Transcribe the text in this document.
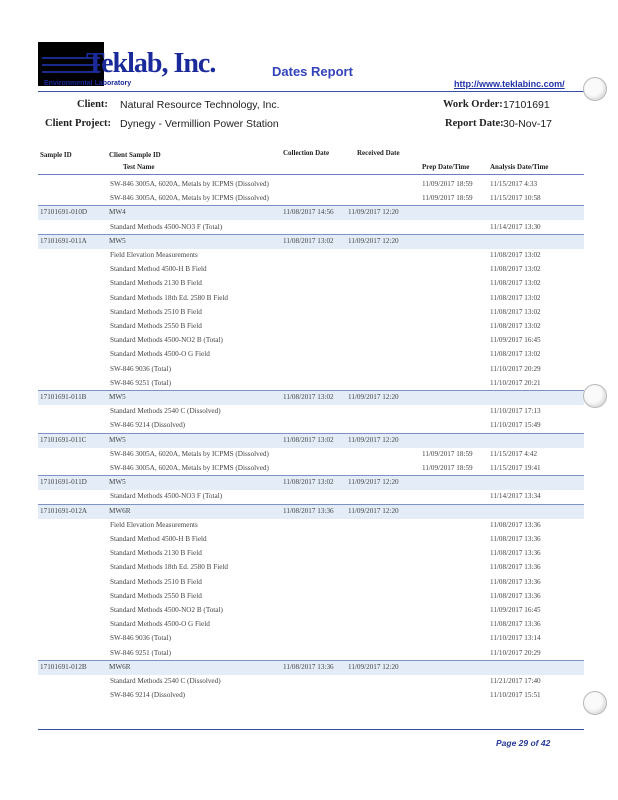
Teklab, Inc.
Environmental Laboratory
Dates Report
http://www.teklabinc.com/
Client: Natural Resource Technology, Inc.
Client Project: Dynegy - Vermillion Power Station
Work Order: 17101691
Report Date: 30-Nov-17
Sample ID	Client Sample ID	Collection Date	Received Date
Test Name	Prep Date/Time	Analysis Date/Time
SW-846 3005A, 6020A, Metals by ICPMS (Dissolved)	11/09/2017 18:59 11/15/2017 4:33
SW-846 3005A, 6020A, Metals by ICPMS (Dissolved)	11/09/2017 18:59 11/15/2017 10:58
17101691-010D	MW4	11/08/2017 14:56 11/09/2017 12:20
Standard Methods 4500-NO3 F (Total)	11/14/2017 13:30
17101691-011A	MW5	11/08/2017 13:02 11/09/2017 12:20
Field Elevation Measurements	11/08/2017 13:02
Standard Method 4500-H B Field	11/08/2017 13:02
Standard Methods 2130 B Field	11/08/2017 13:02
Standard Methods 18th Ed. 2580 B Field	11/08/2017 13:02
Standard Methods 2510 B Field	11/08/2017 13:02
Standard Methods 2550 B Field	11/08/2017 13:02
Standard Methods 4500-NO2 B (Total)	11/09/2017 16:45
Standard Methods 4500-O G Field	11/08/2017 13:02
SW-846 9036 (Total)	11/10/2017 20:29
SW-846 9251 (Total)	11/10/2017 20:21
17101691-011B	MW5	11/08/2017 13:02 11/09/2017 12:20
Standard Methods 2540 C (Dissolved)	11/10/2017 17:13
SW-846 9214 (Dissolved)	11/10/2017 15:49
17101691-011C	MW5	11/08/2017 13:02 11/09/2017 12:20
SW-846 3005A, 6020A, Metals by ICPMS (Dissolved)	11/09/2017 18:59 11/15/2017 4:42
SW-846 3005A, 6020A, Metals by ICPMS (Dissolved)	11/09/2017 18:59 11/15/2017 19:41
17101691-011D	MW5	11/08/2017 13:02 11/09/2017 12:20
Standard Methods 4500-NO3 F (Total)	11/14/2017 13:34
17101691-012A	MW6R	11/08/2017 13:36 11/09/2017 12:20
Field Elevation Measurements	11/08/2017 13:36
Standard Method 4500-H B Field	11/08/2017 13:36
Standard Methods 2130 B Field	11/08/2017 13:36
Standard Methods 18th Ed. 2580 B Field	11/08/2017 13:36
Standard Methods 2510 B Field	11/08/2017 13:36
Standard Methods 2550 B Field	11/08/2017 13:36
Standard Methods 4500-NO2 B (Total)	11/09/2017 16:45
Standard Methods 4500-O G Field	11/08/2017 13:36
SW-846 9036 (Total)	11/10/2017 13:14
SW-846 9251 (Total)	11/10/2017 20:29
17101691-012B	MW6R	11/08/2017 13:36 11/09/2017 12:20
Standard Methods 2540 C (Dissolved)	11/21/2017 17:40
SW-846 9214 (Dissolved)	11/10/2017 15:51
Page 29 of 42
